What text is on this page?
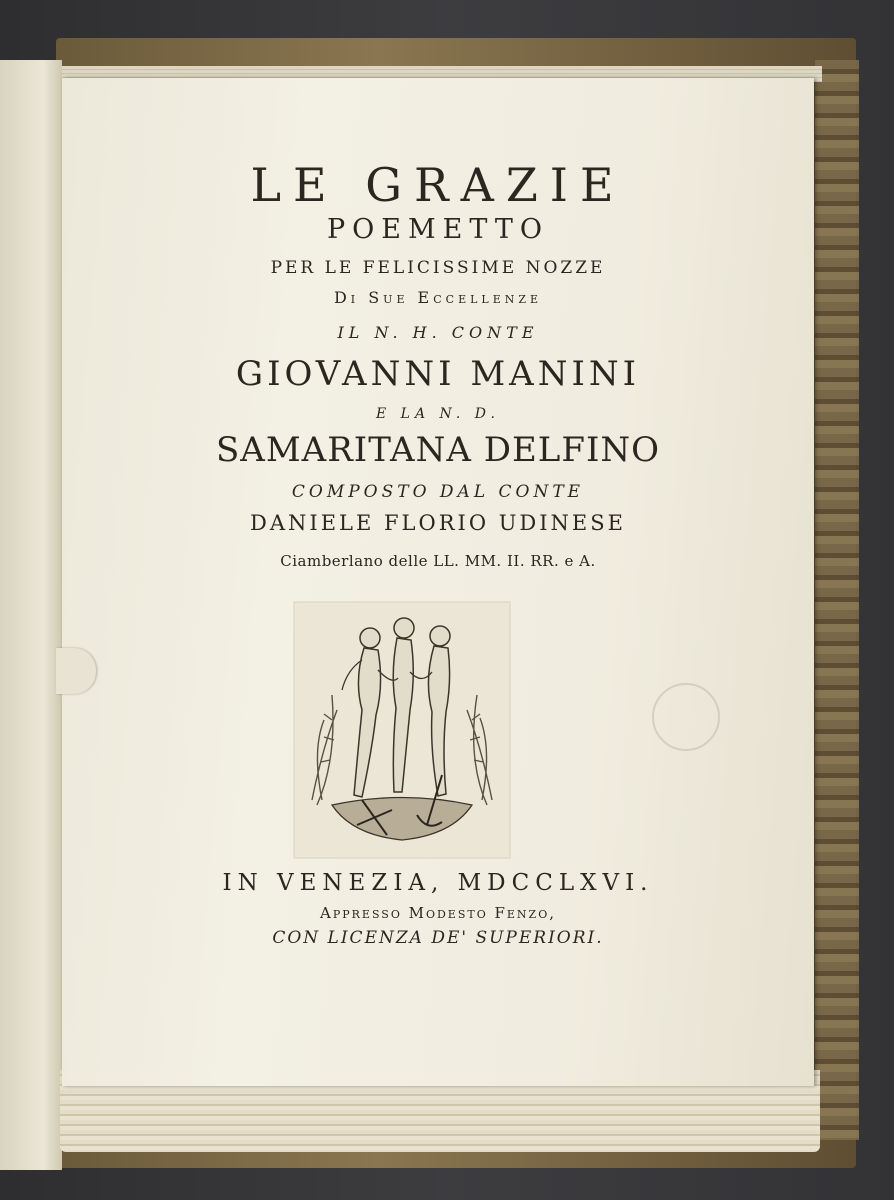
LE GRAZIE
POEMETTO
PER LE FELICISSIME NOZZE
Di Sue Eccellenze
IL N. H. CONTE
GIOVANNI MANINI
E LA N. D.
SAMARITANA DELFINO
COMPOSTO DAL CONTE
DANIELE FLORIO UDINESE
Ciamberlano delle LL. MM. II. RR. e A.
IN VENEZIA, MDCCLXVI.
Appresso Modesto Fenzo,
CON LICENZA DE' SUPERIORI.
